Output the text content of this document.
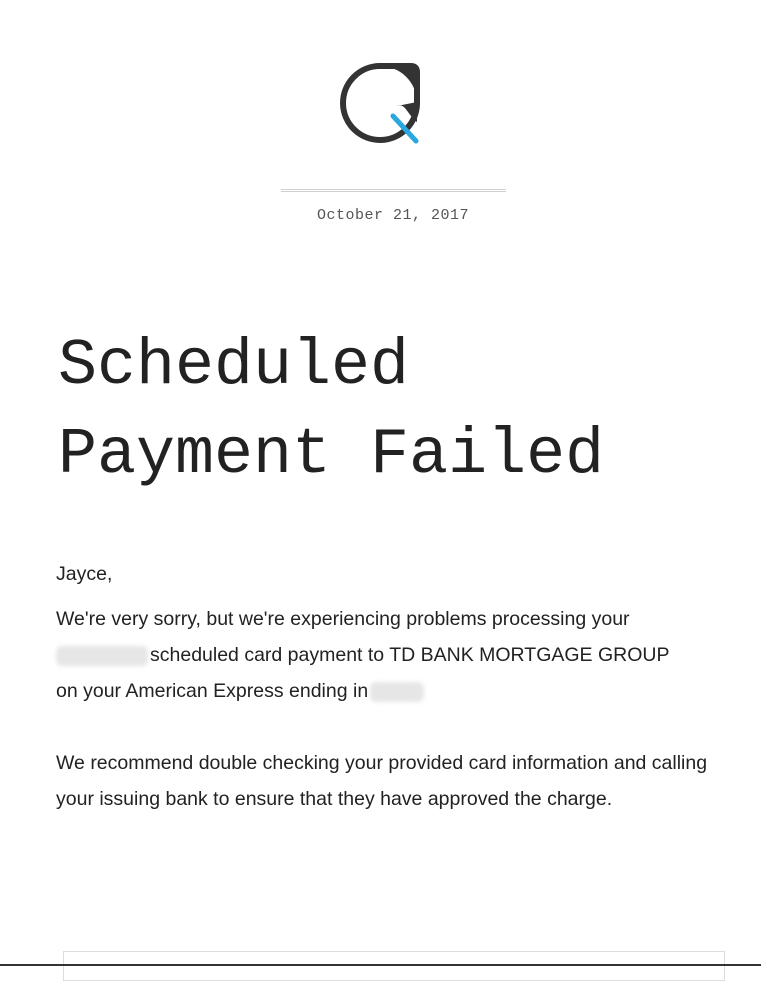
October 21, 2017
Scheduled
Payment Failed

Jayce,

We're very sorry, but we're experiencing problems processing your
scheduled card payment to TD BANK MORTGAGE GROUP
on your American Express ending in

We recommend double checking your provided card information and calling your issuing bank to ensure that they have approved the charge.
